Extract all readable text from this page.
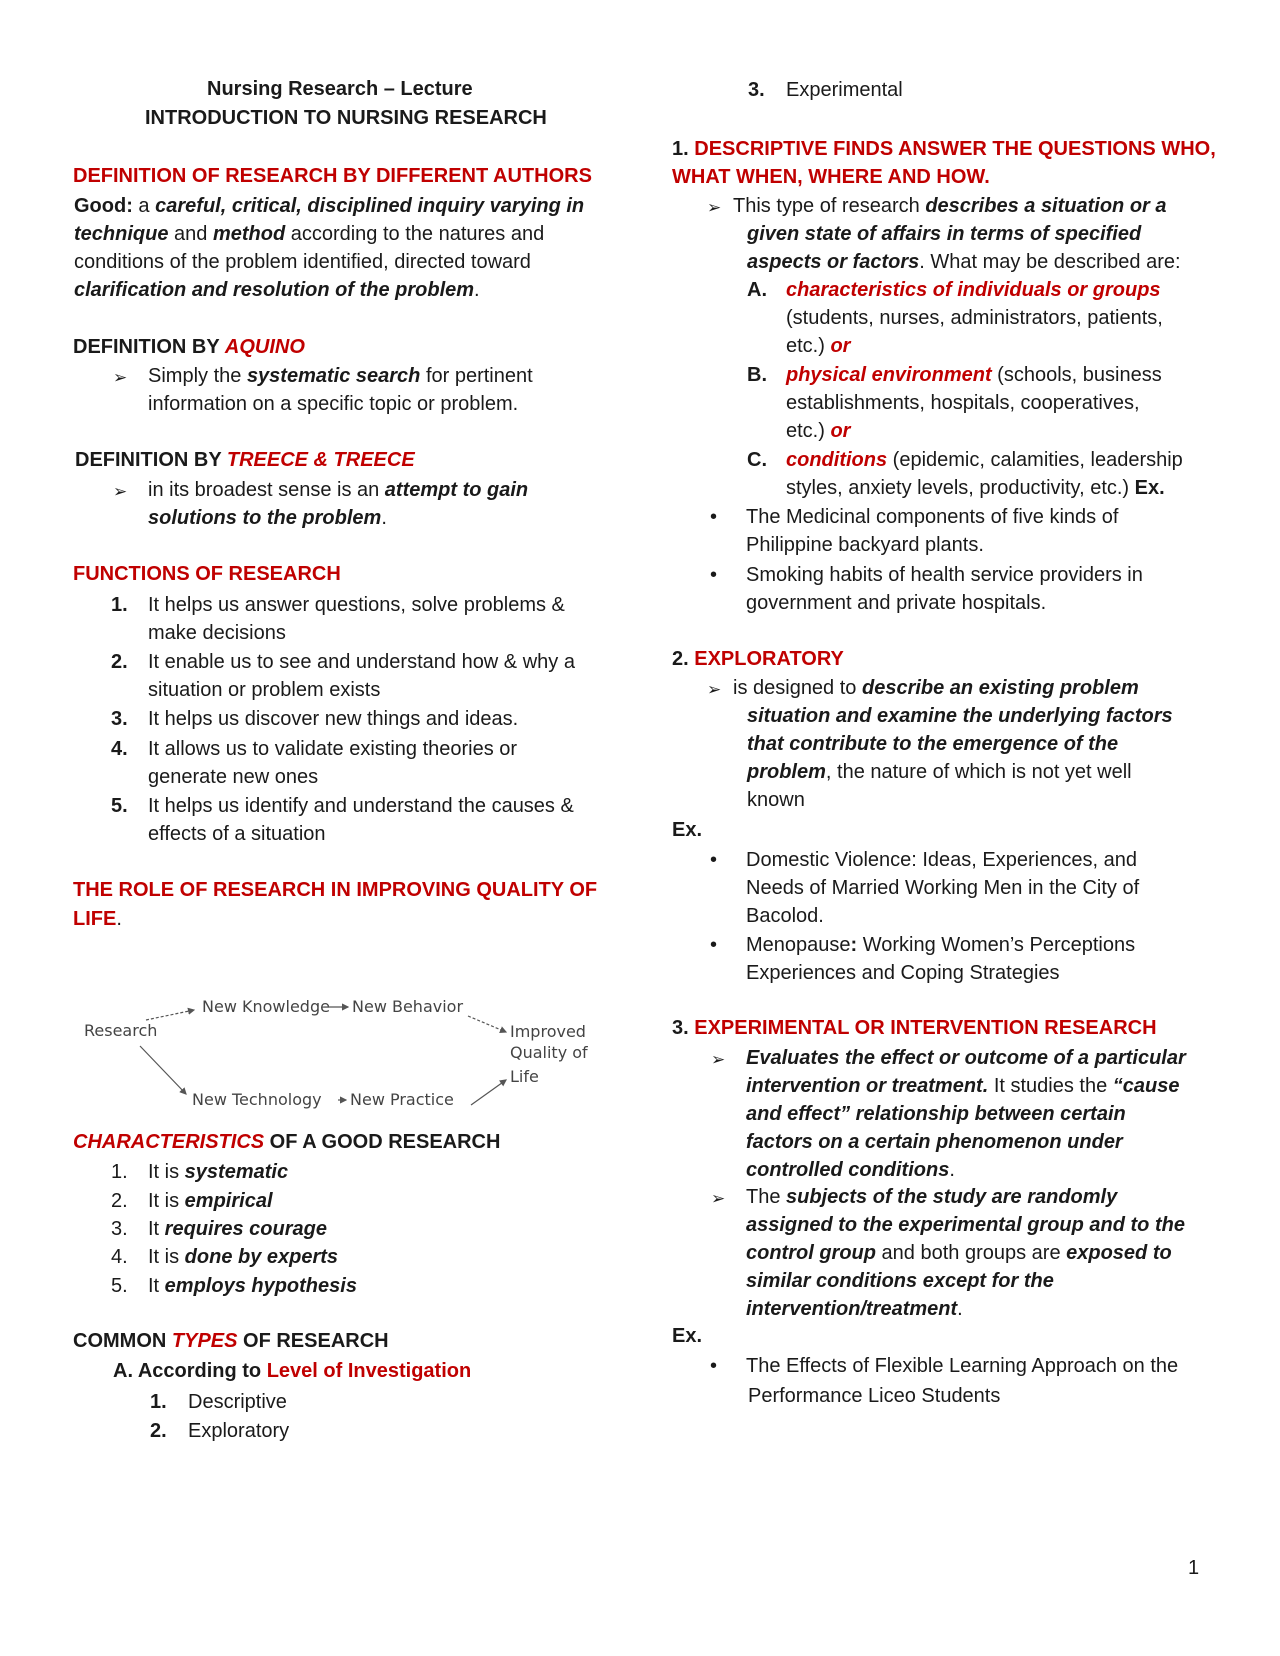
Nursing Research – Lecture
INTRODUCTION TO NURSING RESEARCH
DEFINITION OF RESEARCH BY DIFFERENT AUTHORS
Good: a careful, critical, disciplined inquiry varying in
technique and method according to the natures and
conditions of the problem identified, directed toward
clarification and resolution of the problem.
DEFINITION BY AQUINO
➢ Simply the systematic search for pertinent
information on a specific topic or problem.
DEFINITION BY TREECE & TREECE
➢ in its broadest sense is an attempt to gain
solutions to the problem.
FUNCTIONS OF RESEARCH
1. It helps us answer questions, solve problems &
make decisions
2. It enable us to see and understand how & why a
situation or problem exists
3. It helps us discover new things and ideas.
4. It allows us to validate existing theories or
generate new ones
5. It helps us identify and understand the causes &
effects of a situation
THE ROLE OF RESEARCH IN IMPROVING QUALITY OF
LIFE.
Research
New Knowledge New Behavior
Improved
Quality of
Life
New Technology New Practice
CHARACTERISTICS OF A GOOD RESEARCH
1. It is systematic
2. It is empirical
3. It requires courage
4. It is done by experts
5. It employs hypothesis
COMMON TYPES OF RESEARCH
A. According to Level of Investigation
1. Descriptive
2. Exploratory
3. Experimental
1. DESCRIPTIVE FINDS ANSWER THE QUESTIONS WHO,
WHAT WHEN, WHERE AND HOW.
➢ This type of research describes a situation or a
given state of affairs in terms of specified
aspects or factors. What may be described are:
A. characteristics of individuals or groups
(students, nurses, administrators, patients,
etc.) or
B. physical environment (schools, business
establishments, hospitals, cooperatives,
etc.) or
C. conditions (epidemic, calamities, leadership
styles, anxiety levels, productivity, etc.) Ex.
• The Medicinal components of five kinds of
Philippine backyard plants.
• Smoking habits of health service providers in
government and private hospitals.
2. EXPLORATORY
➢ is designed to describe an existing problem
situation and examine the underlying factors
that contribute to the emergence of the
problem, the nature of which is not yet well
known
Ex.
• Domestic Violence: Ideas, Experiences, and
Needs of Married Working Men in the City of
Bacolod.
• Menopause: Working Women’s Perceptions
Experiences and Coping Strategies
3. EXPERIMENTAL OR INTERVENTION RESEARCH
➢ Evaluates the effect or outcome of a particular
intervention or treatment. It studies the “cause
and effect” relationship between certain
factors on a certain phenomenon under
controlled conditions.
➢ The subjects of the study are randomly
assigned to the experimental group and to the
control group and both groups are exposed to
similar conditions except for the
intervention/treatment.
Ex.
• The Effects of Flexible Learning Approach on the
Performance Liceo Students
1
